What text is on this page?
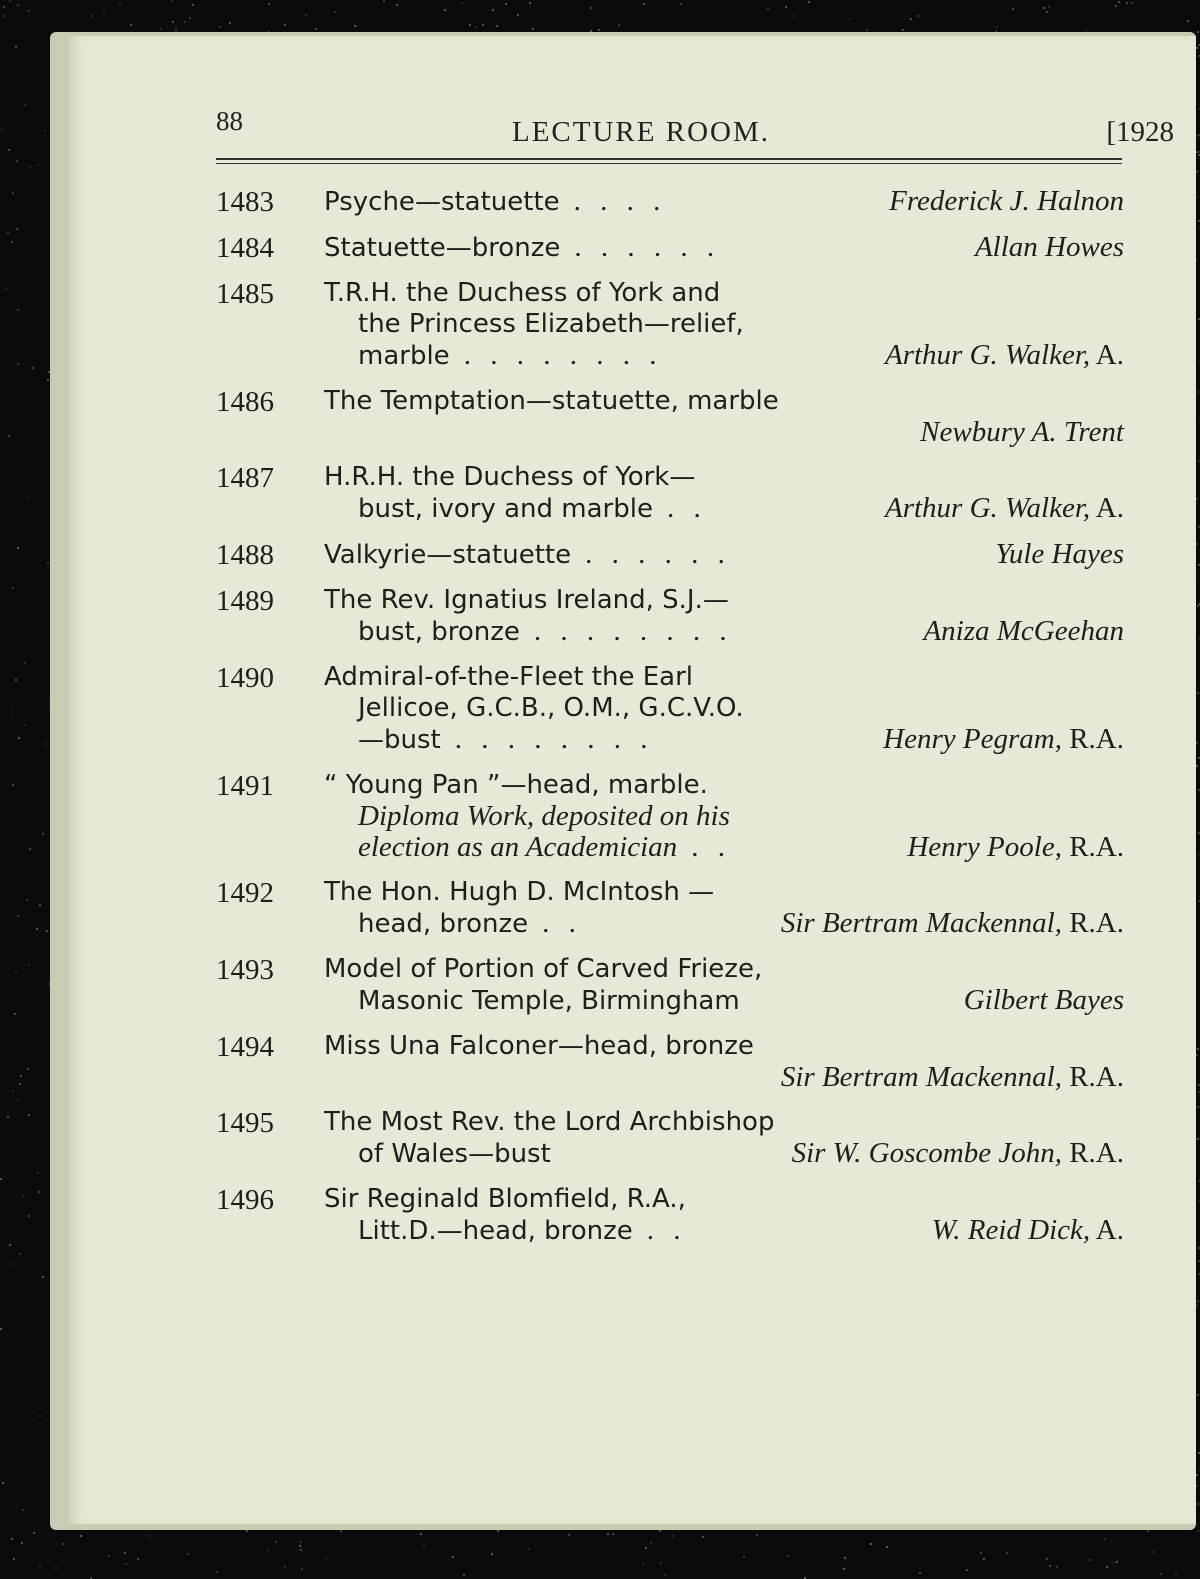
88	LECTURE ROOM.	[1928
1483 Psyche—statuette . . . .	Frederick J. Halnon
1484 Statuette—bronze . . . . . .	Allan Howes
1485 T.R.H. the Duchess of York and
the Princess Elizabeth —relief,
marble . . . . . . . .	Arthur G. Walker, A.
1486 The Temptation —statuette, marble
Newbury A. Trent
1487 H.R.H. the Duchess of York—
bust, ivory and marble . .	Arthur G. Walker, A.
1488 Valkyrie—statuette . . . . . .	Yule Hayes
1489 The Rev. Ignatius Ireland, S.J.—
bust, bronze . . . . . . . .	Aniza McGeehan
1490 Admiral-of-the-Fleet the Earl
Jellicoe, G.C.B., O.M., G.C.V.O.
—bust . . . . . . . .	Henry Pegram, R.A.
1491 “ Young Pan ” —head, marble.
Diploma Work, deposited on his
election as an Academician . .	Henry Poole, R.A.
1492 The Hon. Hugh D. McIntosh —
head, bronze . .	Sir Bertram Mackennal, R.A.
1493 Model of Portion of Carved Frieze,
Masonic Temple, Birmingham	Gilbert Bayes
1494 Miss Una Falconer —head, bronze
Sir Bertram Mackennal, R.A.
1495 The Most Rev. the Lord Archbishop
of Wales—bust	Sir W. Goscombe John, R.A.
1496 Sir Reginald Blomfield, R.A.,
Litt.D.—head, bronze . .	W. Reid Dick, A.
